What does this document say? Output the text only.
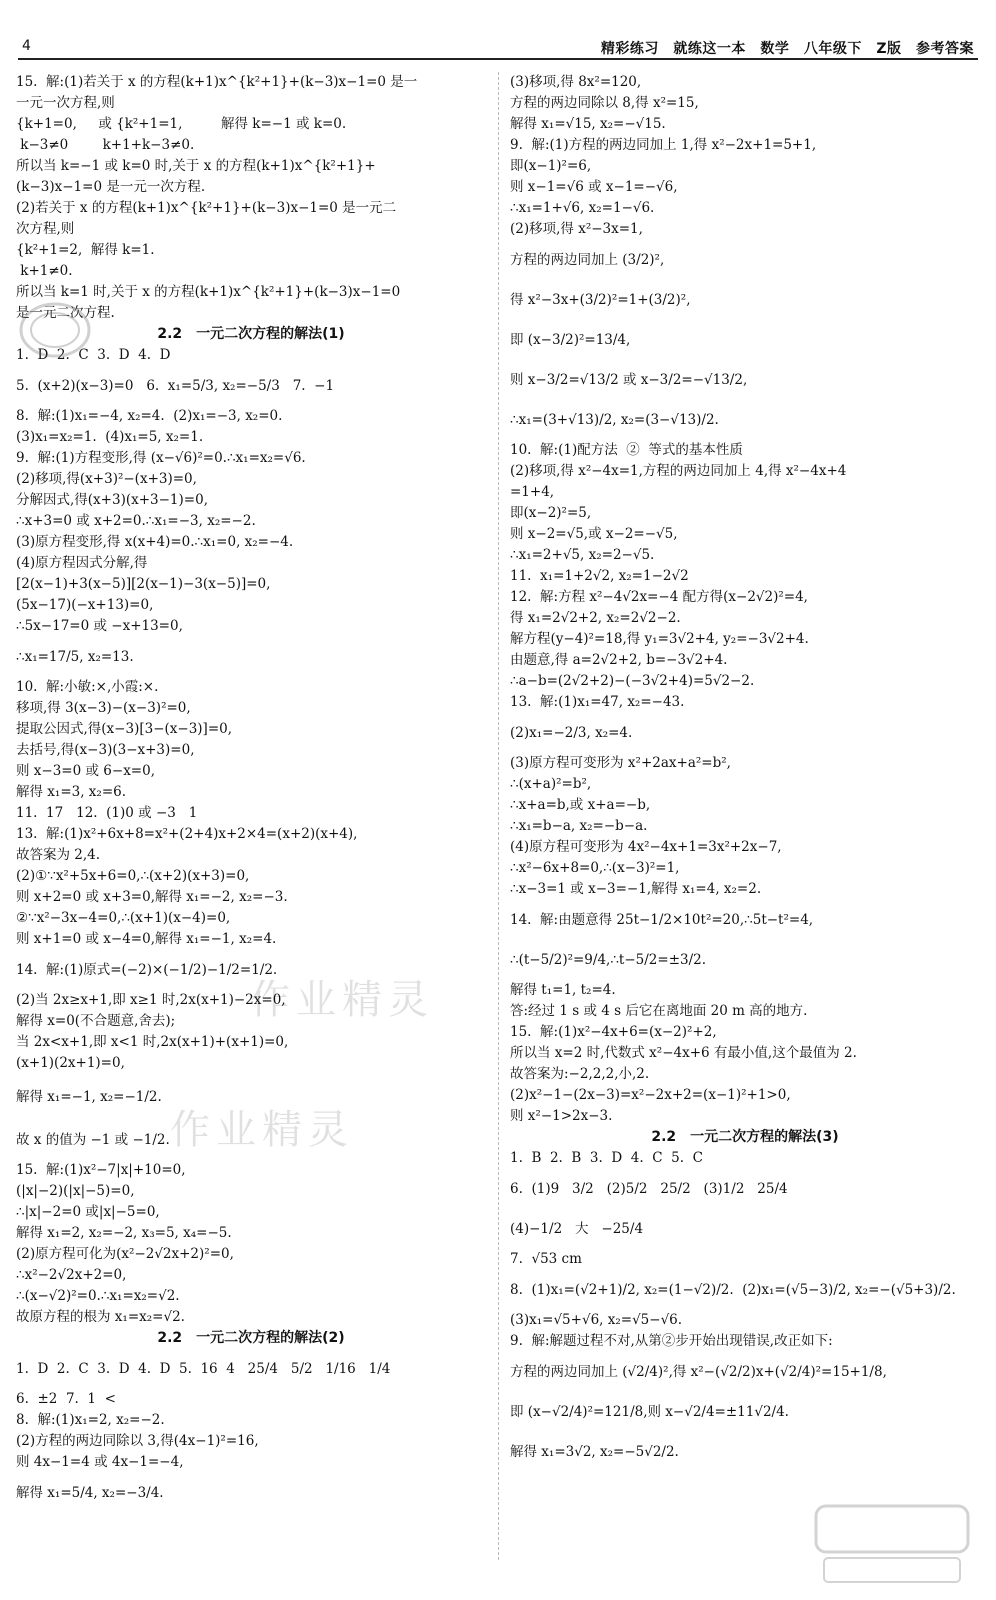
4	精彩练习　就练这一本　数学　八年级下　Z版　参考答案
15.  解:(1)若关于 x 的方程(k+1)x^{k²+1}+(k−3)x−1=0 是一
一元一次方程,则
{k+1=0,     或 {k²+1=1,         解得 k=−1 或 k=0.
k−3≠0        k+1+k−3≠0.
所以当 k=−1 或 k=0 时,关于 x 的方程(k+1)x^{k²+1}+
(k−3)x−1=0 是一元一次方程.
(2)若关于 x 的方程(k+1)x^{k²+1}+(k−3)x−1=0 是一元二
次方程,则
{k²+1=2,  解得 k=1.
k+1≠0.
所以当 k=1 时,关于 x 的方程(k+1)x^{k²+1}+(k−3)x−1=0
是一元二次方程.
2.2　一元二次方程的解法(1)
1.  D  2.  C  3.  D  4.  D
5.  (x+2)(x−3)=0   6.  x₁=5/3, x₂=−5/3   7.  −1
8.  解:(1)x₁=−4, x₂=4.  (2)x₁=−3, x₂=0.
(3)x₁=x₂=1.  (4)x₁=5, x₂=1.
9.  解:(1)方程变形,得 (x−√6)²=0.∴x₁=x₂=√6.
(2)移项,得(x+3)²−(x+3)=0,
分解因式,得(x+3)(x+3−1)=0,
∴x+3=0 或 x+2=0.∴x₁=−3, x₂=−2.
(3)原方程变形,得 x(x+4)=0.∴x₁=0, x₂=−4.
(4)原方程因式分解,得
[2(x−1)+3(x−5)][2(x−1)−3(x−5)]=0,
(5x−17)(−x+13)=0,
∴5x−17=0 或 −x+13=0,
∴x₁=17/5, x₂=13.
10.  解:小敏:×,小霞:×.
移项,得 3(x−3)−(x−3)²=0,
提取公因式,得(x−3)[3−(x−3)]=0,
去括号,得(x−3)(3−x+3)=0,
则 x−3=0 或 6−x=0,
解得 x₁=3, x₂=6.
11.  17   12.  (1)0 或 −3   1
13.  解:(1)x²+6x+8=x²+(2+4)x+2×4=(x+2)(x+4),
故答案为 2,4.
(2)①∵x²+5x+6=0,∴(x+2)(x+3)=0,
则 x+2=0 或 x+3=0,解得 x₁=−2, x₂=−3.
②∵x²−3x−4=0,∴(x+1)(x−4)=0,
则 x+1=0 或 x−4=0,解得 x₁=−1, x₂=4.
14.  解:(1)原式=(−2)×(−1/2)−1/2=1/2.
(2)当 2x≥x+1,即 x≥1 时,2x(x+1)−2x=0,
解得 x=0(不合题意,舍去);
当 2x<x+1,即 x<1 时,2x(x+1)+(x+1)=0,
(x+1)(2x+1)=0,
解得 x₁=−1, x₂=−1/2.
故 x 的值为 −1 或 −1/2.
15.  解:(1)x²−7|x|+10=0,
(|x|−2)(|x|−5)=0,
∴|x|−2=0 或|x|−5=0,
解得 x₁=2, x₂=−2, x₃=5, x₄=−5.
(2)原方程可化为(x²−2√2x+2)²=0,
∴x²−2√2x+2=0,
∴(x−√2)²=0.∴x₁=x₂=√2.
故原方程的根为 x₁=x₂=√2.
2.2　一元二次方程的解法(2)
1.  D  2.  C  3.  D  4.  D  5.  16  4   25/4   5/2   1/16   1/4
6.  ±2  7.  1  <
8.  解:(1)x₁=2, x₂=−2.
(2)方程的两边同除以 3,得(4x−1)²=16,
则 4x−1=4 或 4x−1=−4,
解得 x₁=5/4, x₂=−3/4.
(3)移项,得 8x²=120,
方程的两边同除以 8,得 x²=15,
解得 x₁=√15, x₂=−√15.
9.  解:(1)方程的两边同加上 1,得 x²−2x+1=5+1,
即(x−1)²=6,
则 x−1=√6 或 x−1=−√6,
∴x₁=1+√6, x₂=1−√6.
(2)移项,得 x²−3x=1,
方程的两边同加上 (3/2)²,
得 x²−3x+(3/2)²=1+(3/2)²,
即 (x−3/2)²=13/4,
则 x−3/2=√13/2 或 x−3/2=−√13/2,
∴x₁=(3+√13)/2, x₂=(3−√13)/2.
10.  解:(1)配方法  ②  等式的基本性质
(2)移项,得 x²−4x=1,方程的两边同加上 4,得 x²−4x+4
=1+4,
即(x−2)²=5,
则 x−2=√5,或 x−2=−√5,
∴x₁=2+√5, x₂=2−√5.
11.  x₁=1+2√2, x₂=1−2√2
12.  解:方程 x²−4√2x=−4 配方得(x−2√2)²=4,
得 x₁=2√2+2, x₂=2√2−2.
解方程(y−4)²=18,得 y₁=3√2+4, y₂=−3√2+4.
由题意,得 a=2√2+2, b=−3√2+4.
∴a−b=(2√2+2)−(−3√2+4)=5√2−2.
13.  解:(1)x₁=47, x₂=−43.
(2)x₁=−2/3, x₂=4.
(3)原方程可变形为 x²+2ax+a²=b²,
∴(x+a)²=b²,
∴x+a=b,或 x+a=−b,
∴x₁=b−a, x₂=−b−a.
(4)原方程可变形为 4x²−4x+1=3x²+2x−7,
∴x²−6x+8=0,∴(x−3)²=1,
∴x−3=1 或 x−3=−1,解得 x₁=4, x₂=2.
14.  解:由题意得 25t−1/2×10t²=20,∴5t−t²=4,
∴(t−5/2)²=9/4,∴t−5/2=±3/2.
解得 t₁=1, t₂=4.
答:经过 1 s 或 4 s 后它在离地面 20 m 高的地方.
15.  解:(1)x²−4x+6=(x−2)²+2,
所以当 x=2 时,代数式 x²−4x+6 有最小值,这个最值为 2.
故答案为:−2,2,2,小,2.
(2)x²−1−(2x−3)=x²−2x+2=(x−1)²+1>0,
则 x²−1>2x−3.
2.2　一元二次方程的解法(3)
1.  B  2.  B  3.  D  4.  C  5.  C
6.  (1)9   3/2   (2)5/2   25/2   (3)1/2   25/4
(4)−1/2   大   −25/4
7.  √53 cm
8.  (1)x₁=(√2+1)/2, x₂=(1−√2)/2.  (2)x₁=(√5−3)/2, x₂=−(√5+3)/2.
(3)x₁=√5+√6, x₂=√5−√6.
9.  解:解题过程不对,从第②步开始出现错误,改正如下:
方程的两边同加上 (√2/4)²,得 x²−(√2/2)x+(√2/4)²=15+1/8,
即 (x−√2/4)²=121/8,则 x−√2/4=±11√2/4.
解得 x₁=3√2, x₂=−5√2/2.
作业精灵
作业精灵
